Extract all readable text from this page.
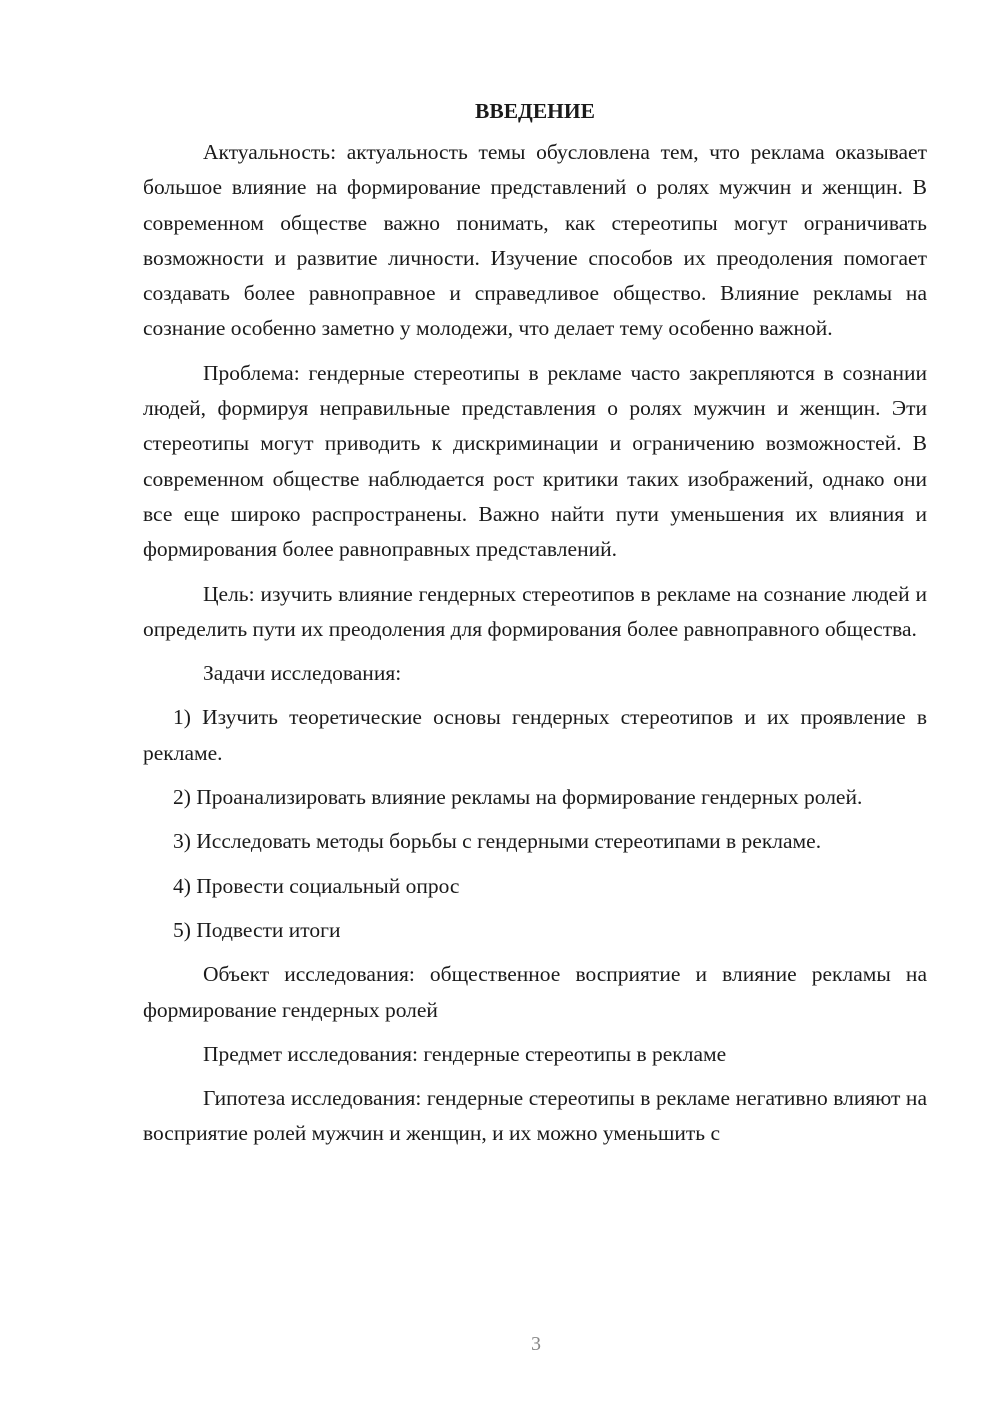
ВВЕДЕНИЕ

Актуальность: актуальность темы обусловлена тем, что реклама оказывает большое влияние на формирование представлений о ролях мужчин и женщин. В современном обществе важно понимать, как стереотипы могут ограничивать возможности и развитие личности. Изучение способов их преодоления помогает создавать более равноправное и справедливое общество. Влияние рекламы на сознание особенно заметно у молодежи, что делает тему особенно важной.

Проблема: гендерные стереотипы в рекламе часто закрепляются в сознании людей, формируя неправильные представления о ролях мужчин и женщин. Эти стереотипы могут приводить к дискриминации и ограничению возможностей. В современном обществе наблюдается рост критики таких изображений, однако они все еще широко распространены. Важно найти пути уменьшения их влияния и формирования более равноправных представлений.

Цель: изучить влияние гендерных стереотипов в рекламе на сознание людей и определить пути их преодоления для формирования более равноправного общества.

Задачи исследования:

1) Изучить теоретические основы гендерных стереотипов и их проявление в рекламе.

2) Проанализировать влияние рекламы на формирование гендерных ролей.

3) Исследовать методы борьбы с гендерными стереотипами в рекламе.

4) Провести социальный опрос

5) Подвести итоги

Объект исследования: общественное восприятие и влияние рекламы на формирование гендерных ролей

Предмет исследования: гендерные стереотипы в рекламе

Гипотеза исследования: гендерные стереотипы в рекламе негативно влияют на восприятие ролей мужчин и женщин, и их можно уменьшить с

3
